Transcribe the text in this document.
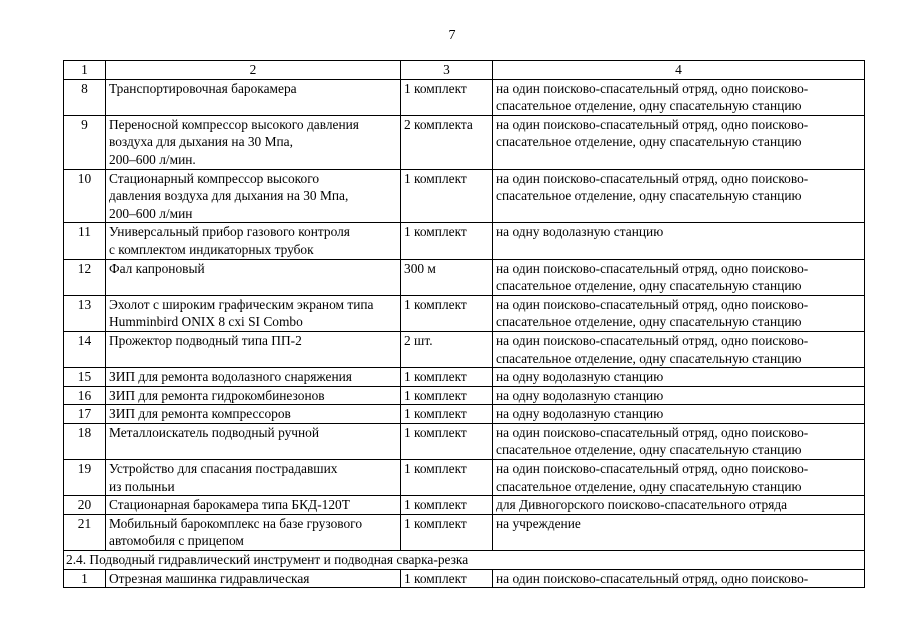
7
1	2	3	4
8	Транспортировочная барокамера	1 комплект	на один поисково-спасательный отряд, одно поисково-
спасательное отделение, одну спасательную станцию
9	Переносной компрессор высокого давления
воздуха для дыхания на 30 Мпа,
200–600 л/мин.	2 комплекта	на один поисково-спасательный отряд, одно поисково-
спасательное отделение, одну спасательную станцию
10	Стационарный компрессор высокого
давления воздуха для дыхания на 30 Мпа,
200–600 л/мин	1 комплект	на один поисково-спасательный отряд, одно поисково-
спасательное отделение, одну спасательную станцию
11	Универсальный прибор газового контроля
с комплектом индикаторных трубок	1 комплект	на одну водолазную станцию
12	Фал капроновый	300 м	на один поисково-спасательный отряд, одно поисково-
спасательное отделение, одну спасательную станцию
13	Эхолот с широким графическим экраном типа
Humminbird ONIX 8 cxi SI Combo	1 комплект	на один поисково-спасательный отряд, одно поисково-
спасательное отделение, одну спасательную станцию
14	Прожектор подводный типа ПП-2	2 шт.	на один поисково-спасательный отряд, одно поисково-
спасательное отделение, одну спасательную станцию
15	ЗИП для ремонта водолазного снаряжения	1 комплект	на одну водолазную станцию
16	ЗИП для ремонта гидрокомбинезонов	1 комплект	на одну водолазную станцию
17	ЗИП для ремонта компрессоров	1 комплект	на одну водолазную станцию
18	Металлоискатель подводный ручной	1 комплект	на один поисково-спасательный отряд, одно поисково-
спасательное отделение, одну спасательную станцию
19	Устройство для спасания пострадавших
из полыньи	1 комплект	на один поисково-спасательный отряд, одно поисково-
спасательное отделение, одну спасательную станцию
20	Стационарная барокамера типа БКД-120Т	1 комплект	для Дивногорского поисково-спасательного отряда
21	Мобильный барокомплекс на базе грузового
автомобиля с прицепом	1 комплект	на учреждение
2.4. Подводный гидравлический инструмент и подводная сварка-резка			
1	Отрезная машинка гидравлическая	1 комплект	на один поисково-спасательный отряд, одно поисково-
